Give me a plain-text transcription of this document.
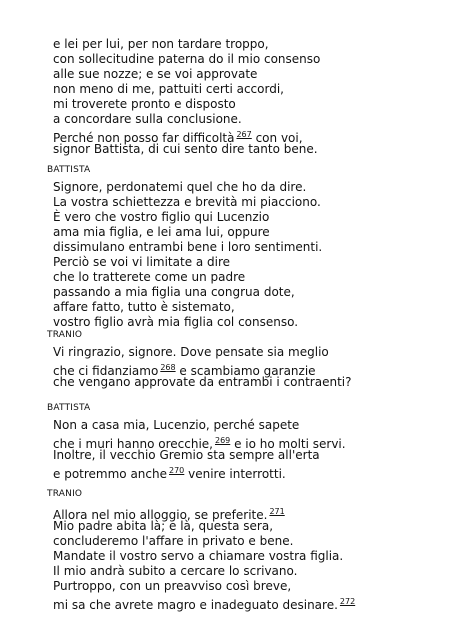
e lei per lui, per non tardare troppo,
con sollecitudine paterna do il mio consenso
alle sue nozze; e se voi approvate
non meno di me, pattuiti certi accordi,
mi troverete pronto e disposto
a concordare sulla conclusione.
Perché non posso far difficoltà $^{267}$ con voi,
signor Battista, di cui sento dire tanto bene.
BATTISTA
Signore, perdonatemi quel che ho da dire.
La vostra schiettezza e brevità mi piacciono.
È vero che vostro figlio qui Lucenzio
ama mia figlia, e lei ama lui, oppure
dissimulano entrambi bene i loro sentimenti.
Perciò se voi vi limitate a dire
che lo tratterete come un padre
passando a mia figlia una congrua dote,
affare fatto, tutto è sistemato,
vostro figlio avrà mia figlia col consenso.
TRANIO
Vi ringrazio, signore. Dove pensate sia meglio
che ci fidanziamo $^{268}$ e scambiamo garanzie
che vengano approvate da entrambi i contraenti?
BATTISTA
Non a casa mia, Lucenzio, perché sapete
che i muri hanno orecchie, $^{269}$ e io ho molti servi.
Inoltre, il vecchio Gremio sta sempre all'erta
e potremmo anche $^{270}$ venire interrotti.
TRANIO
Allora nel mio alloggio, se preferite. $^{271}$
Mio padre abita là; e là, questa sera,
concluderemo l'affare in privato e bene.
Mandate il vostro servo a chiamare vostra figlia.
Il mio andrà subito a cercare lo scrivano.
Purtroppo, con un preavviso così breve,
mi sa che avrete magro e inadeguato desinare. $^{272}$
